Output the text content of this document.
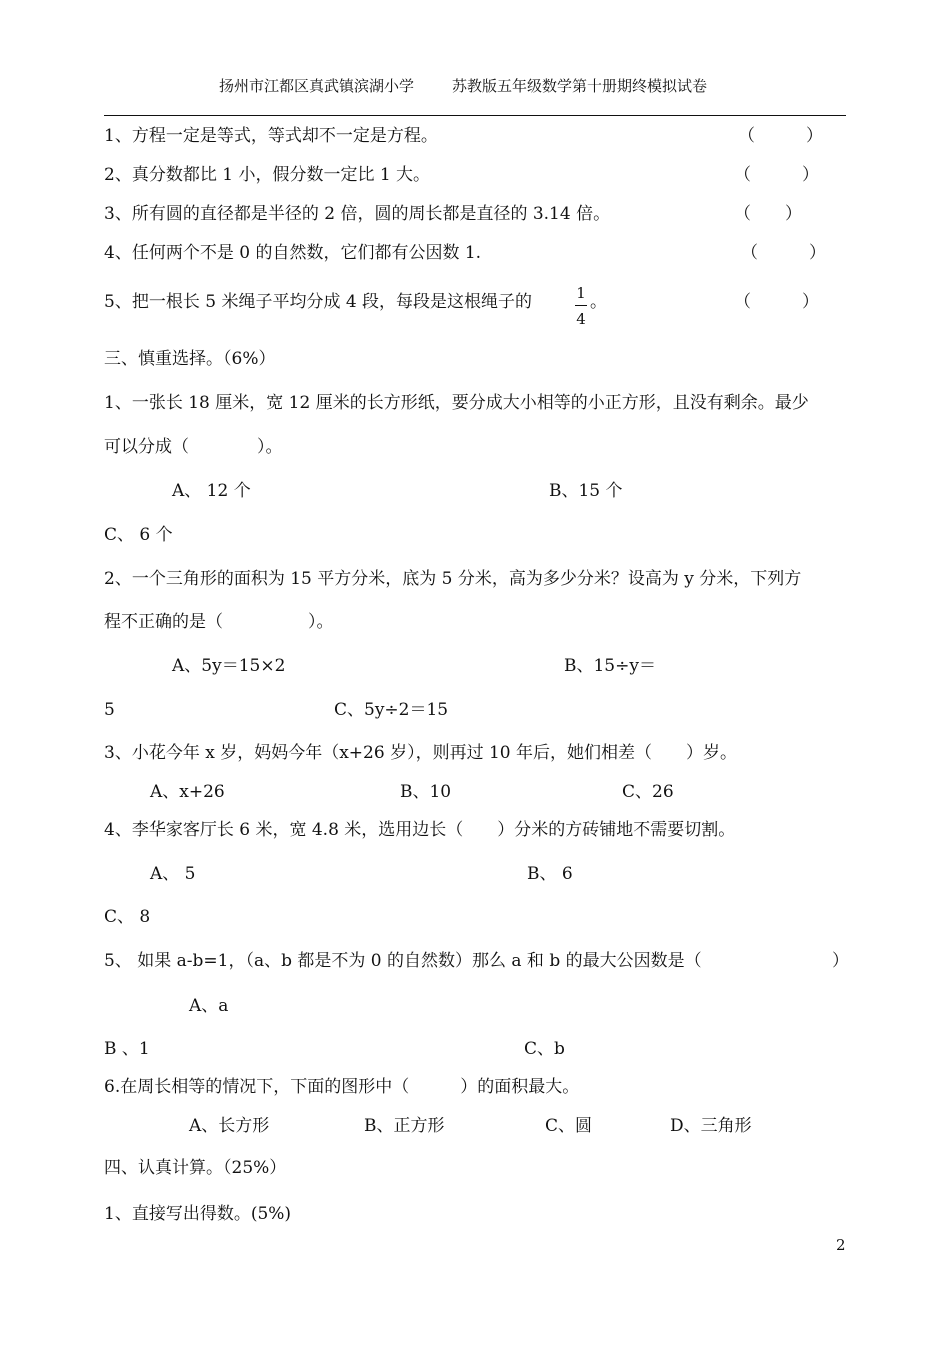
扬州市江都区真武镇滨湖小学	苏教版五年级数学第十册期终模拟试卷
1、方程一定是等式，等式却不一定是方程。	（　　　）
2、真分数都比 1 小，假分数一定比 1 大。	（　　　）
3、所有圆的直径都是半径的 2 倍，圆的周长都是直径的 3.14 倍。	（　　）
4、任何两个不是 0 的自然数，它们都有公因数 1.	（　　　）
5、把一根长 5 米绳子平均分成 4 段，每段是这根绳子的	1
4
。	（　　　）
三、慎重选择。（6%）
1、一张长 18 厘米，宽 12 厘米的长方形纸，要分成大小相等的小正方形，且没有剩余。最少
可以分成（　　　　）。
A、 12 个	B、15 个
C、 6 个
2、一个三角形的面积为 15 平方分米，底为 5 分米，高为多少分米？设高为 y 分米，下列方
程不正确的是（　　　　　）。
A、5y＝15×2	B、15÷y＝
5	C、5y÷2＝15
3、小花今年 x 岁，妈妈今年（x+26 岁），则再过 10 年后，她们相差（　　）岁。
A、x+26	B、10	C、26
4、李华家客厅长 6 米，宽 4.8 米，选用边长（　　）分米的方砖铺地不需要切割。
A、 5	B、 6
C、 8
5、 如果 a-b=1，（a、b 都是不为 0 的自然数）那么 a 和 b 的最大公因数是（	）
A、a
B 、1	C、b
6.在周长相等的情况下，下面的图形中（　　　）的面积最大。
A、长方形	B、正方形	C、圆	D、三角形
四、认真计算。（25%）
1、直接写出得数。(5%)
2
